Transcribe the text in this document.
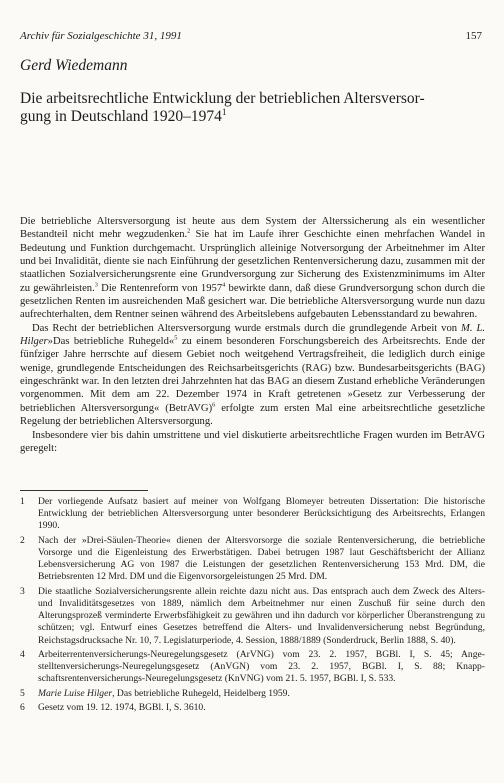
Archiv für Sozialgeschichte 31, 1991	157
Gerd Wiedemann
Die arbeitsrechtliche Entwicklung der betrieblichen Altersversor-
gung in Deutschland 1920–1974$^1$

Die betriebliche Altersversorgung ist heute aus dem System der Alterssicherung als ein wesentlicher Bestandteil nicht mehr wegzudenken.$^2$ Sie hat im Laufe ihrer Geschichte einen mehrfachen Wandel in Bedeutung und Funktion durchgemacht. Ursprünglich alleinige Notversorgung der Arbeitnehmer im Alter und bei Invalidität, diente sie nach Einführung der gesetzlichen Rentenversicherung dazu, zusammen mit der staatlichen Sozialversicherungsrente eine Grundversorgung zur Sicherung des Existenzminimums im Alter zu gewährleisten.$^3$ Die Rentenreform von 1957$^4$ bewirkte dann, daß diese Grundversorgung schon durch die gesetzlichen Renten im ausreichenden Maß gesichert war. Die betriebliche Altersversorgung wurde nun dazu aufrechterhalten, dem Rentner seinen während des Arbeitslebens aufgebauten Lebensstandard zu bewahren.

Das Recht der betrieblichen Altersversorgung wurde erstmals durch die grundlegende Arbeit von M. L. Hilger»Das betriebliche Ruhegeld«$^5$ zu einem besonderen Forschungsbereich des Arbeitsrechts. Ende der fünfziger Jahre herrschte auf diesem Gebiet noch weitgehend Vertragsfreiheit, die lediglich durch einige wenige, grundlegende Entscheidungen des Reichsarbeitsgerichts (RAG) bzw. Bundesarbeitsgerichts (BAG) eingeschränkt war. In den letzten drei Jahrzehnten hat das BAG an diesem Zustand erhebliche Veränderungen vorgenommen. Mit dem am 22. Dezember 1974 in Kraft getretenen »Gesetz zur Verbesserung der betrieblichen Altersversorgung« (BetrAVG)$^6$ erfolgte zum ersten Mal eine arbeitsrechtliche gesetzliche Regelung der betrieblichen Altersversorgung.

Insbesondere vier bis dahin umstrittene und viel diskutierte arbeitsrechtliche Fragen wurden im BetrAVG geregelt:

1	Der vorliegende Aufsatz basiert auf meiner von Wolfgang Blomeyer betreuten Dissertation: Die historische Entwicklung der betrieblichen Altersversorgung unter besonderer Berücksichtigung des Arbeitsrechts, Erlangen 1990.
2	Nach der »Drei-Säulen-Theorie« dienen der Altersvorsorge die soziale Rentenversicherung, die betriebliche Vorsorge und die Eigenleistung des Erwerbstätigen. Dabei betrugen 1987 laut Geschäftsbericht der Allianz Lebensversicherung AG von 1987 die Leistungen der gesetzlichen Rentenversicherung 153 Mrd. DM, die Betriebsrenten 12 Mrd. DM und die Eigenvorsorgeleistungen 25 Mrd. DM.
3	Die staatliche Sozialversicherungsrente allein reichte dazu nicht aus. Das entsprach auch dem Zweck des Alters- und Invaliditätsgesetzes von 1889, nämlich dem Arbeitnehmer nur einen Zuschuß für seine durch den Alterungsprozeß verminderte Erwerbsfähigkeit zu gewähren und ihn dadurch vor körperlicher Überanstrengung zu schützen; vgl. Entwurf eines Gesetzes betreffend die Alters- und Invalidenversicherung nebst Begründung, Reichstagsdrucksache Nr. 10, 7. Legislaturperiode, 4. Session, 1888/1889 (Sonderdruck, Berlin 1888, S. 40).
4	Arbeiterrentenversicherungs-Neuregelungsgesetz (ArVNG) vom 23. 2. 1957, BGBl. I, S. 45; Angestelltenversicherungs-Neuregelungsgesetz (AnVGN) vom 23. 2. 1957, BGBl. I, S. 88; Knappschaftsrentenversicherungs-Neuregelungsgesetz (KnVNG) vom 21. 5. 1957, BGBl. I, S. 533.
5	Marie Luise Hilger, Das betriebliche Ruhegeld, Heidelberg 1959.
6	Gesetz vom 19. 12. 1974, BGBl. I, S. 3610.
